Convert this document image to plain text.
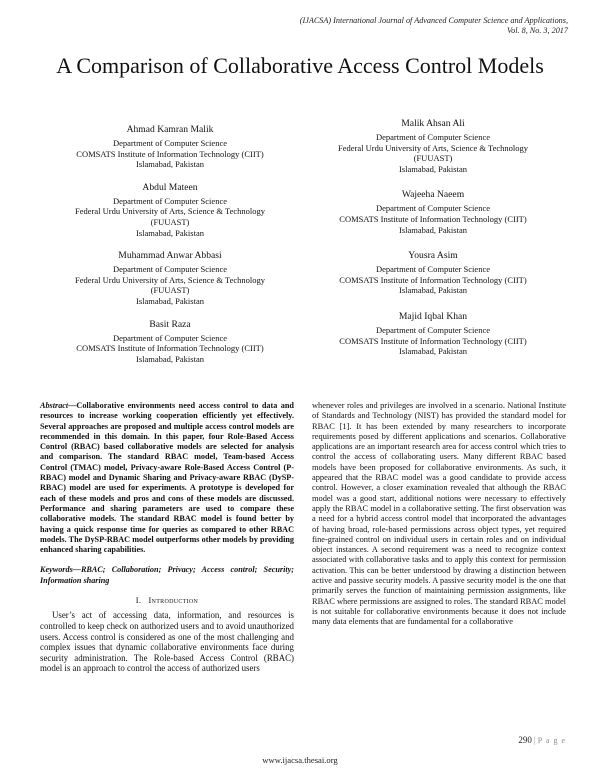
(IJACSA) International Journal of Advanced Computer Science and Applications,
Vol. 8, No. 3, 2017
A Comparison of Collaborative Access Control Models
Ahmad Kamran Malik
Department of Computer Science
COMSATS Institute of Information Technology (CIIT)
Islamabad, Pakistan
Abdul Mateen
Department of Computer Science
Federal Urdu University of Arts, Science & Technology
(FUUAST)
Islamabad, Pakistan
Muhammad Anwar Abbasi
Department of Computer Science
Federal Urdu University of Arts, Science & Technology
(FUUAST)
Islamabad, Pakistan
Basit Raza
Department of Computer Science
COMSATS Institute of Information Technology (CIIT)
Islamabad, Pakistan
Malik Ahsan Ali
Department of Computer Science
Federal Urdu University of Arts, Science & Technology
(FUUAST)
Islamabad, Pakistan
Wajeeha Naeem
Department of Computer Science
COMSATS Institute of Information Technology (CIIT)
Islamabad, Pakistan
Yousra Asim
Department of Computer Science
COMSATS Institute of Information Technology (CIIT)
Islamabad, Pakistan
Majid Iqbal Khan
Department of Computer Science
COMSATS Institute of Information Technology (CIIT)
Islamabad, Pakistan
Abstract—Collaborative environments need access control to data and resources to increase working cooperation efficiently yet effectively. Several approaches are proposed and multiple access control models are recommended in this domain. In this paper, four Role-Based Access Control (RBAC) based collaborative models are selected for analysis and comparison. The standard RBAC model, Team-based Access Control (TMAC) model, Privacy-aware Role-Based Access Control (P-RBAC) model and Dynamic Sharing and Privacy-aware RBAC (DySP-RBAC) model are used for experiments. A prototype is developed for each of these models and pros and cons of these models are discussed. Performance and sharing parameters are used to compare these collaborative models. The standard RBAC model is found better by having a quick response time for queries as compared to other RBAC models. The DySP-RBAC model outperforms other models by providing enhanced sharing capabilities.
Keywords—RBAC; Collaboration; Privacy; Access control; Security; Information sharing
I. Introduction
User’s act of accessing data, information, and resources is controlled to keep check on authorized users and to avoid unauthorized users. Access control is considered as one of the most challenging and complex issues that dynamic collaborative environments face during security administration. The Role-based Access Control (RBAC) model is an approach to control the access of authorized users
whenever roles and privileges are involved in a scenario. National Institute of Standards and Technology (NIST) has provided the standard model for RBAC [1]. It has been extended by many researchers to incorporate requirements posed by different applications and scenarios. Collaborative applications are an important research area for access control which tries to control the access of collaborating users. Many different RBAC based models have been proposed for collaborative environments. As such, it appeared that the RBAC model was a good candidate to provide access control. However, a closer examination revealed that although the RBAC model was a good start, additional notions were necessary to effectively apply the RBAC model in a collaborative setting. The first observation was a need for a hybrid access control model that incorporated the advantages of having broad, role-based permissions across object types, yet required fine-grained control on individual users in certain roles and on individual object instances. A second requirement was a need to recognize context associated with collaborative tasks and to apply this context for permission activation. This can be better understood by drawing a distinction between active and passive security models. A passive security model is the one that primarily serves the function of maintaining permission assignments, like RBAC where permissions are assigned to roles. The standard RBAC model is not suitable for collaborative environments because it does not include many data elements that are fundamental for a collaborative
290 | P a g e
www.ijacsa.thesai.org
